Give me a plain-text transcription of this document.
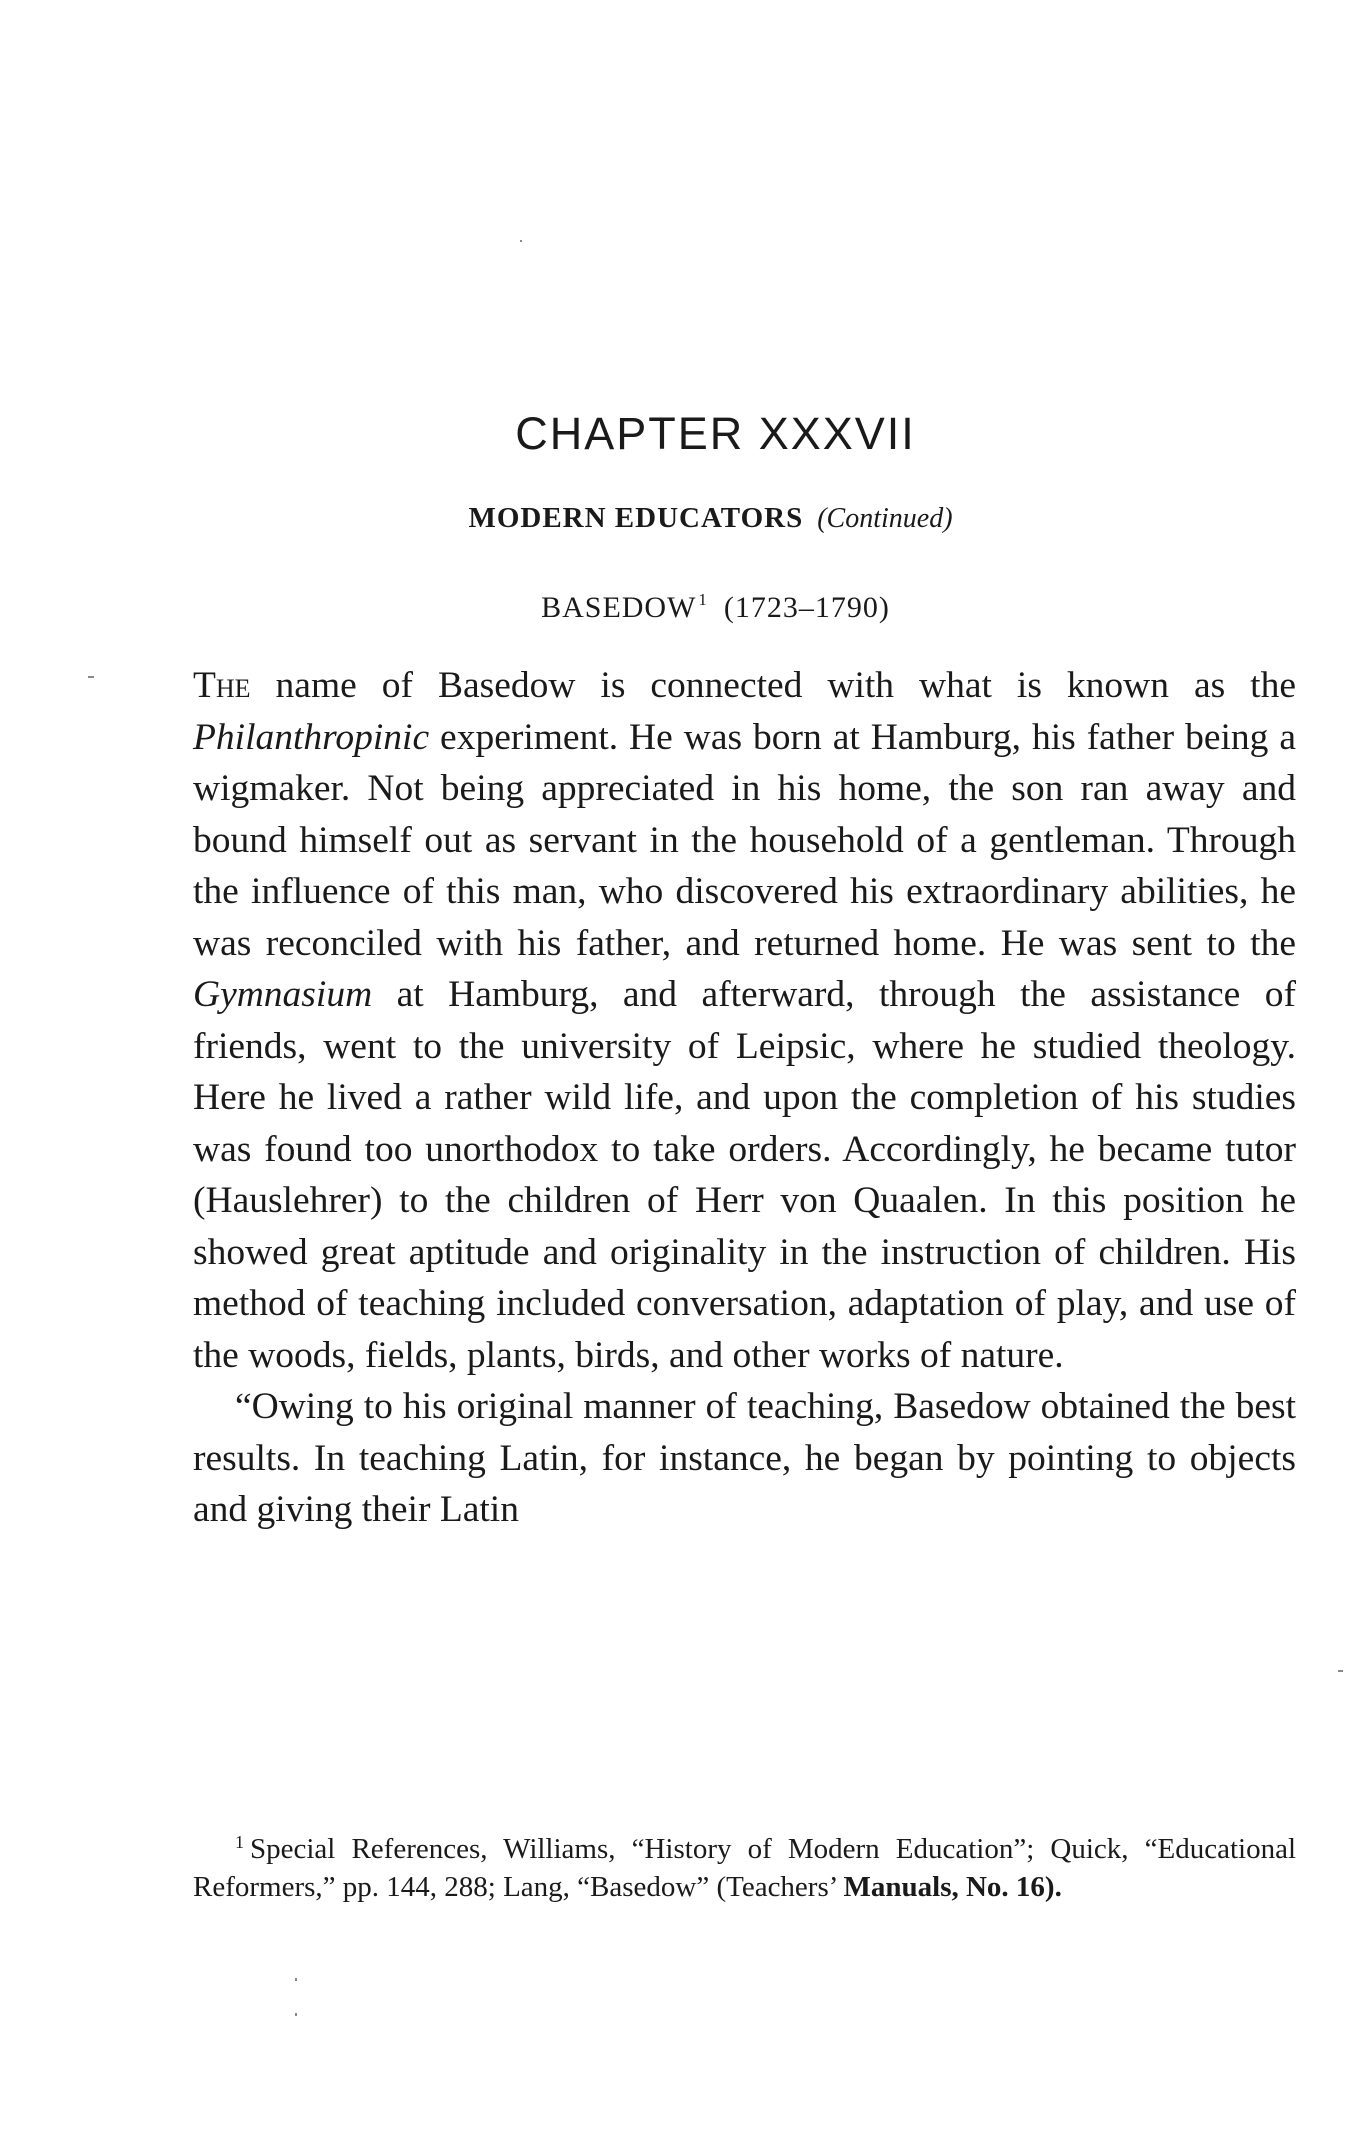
CHAPTER XXXVII
MODERN EDUCATORS (Continued)
BASEDOW $^1$ (1723–1790)

The name of Basedow is connected with what is known as the Philanthropinic experiment. He was born at Hamburg, his father being a wigmaker. Not being appreciated in his home, the son ran away and bound himself out as servant in the household of a gentleman. Through the influence of this man, who discovered his extraordinary abilities, he was reconciled with his father, and returned home. He was sent to the Gymnasium at Hamburg, and afterward, through the assistance of friends, went to the university of Leipsic, where he studied theology. Here he lived a rather wild life, and upon the completion of his studies was found too unorthodox to take orders. Accordingly, he became tutor (Hauslehrer) to the children of Herr von Quaalen. In this position he showed great aptitude and originality in the instruction of children. His method of teaching included conversation, adaptation of play, and use of the woods, fields, plants, birds, and other works of nature.

“Owing to his original manner of teaching, Basedow obtained the best results. In teaching Latin, for instance, he began by pointing to objects and giving their Latin

$^1$ Special References, Williams, “History of Modern Education”; Quick, “Educational Reformers,” pp. 144, 288; Lang, “Basedow” (Teachers’ Manuals, No. 16).
